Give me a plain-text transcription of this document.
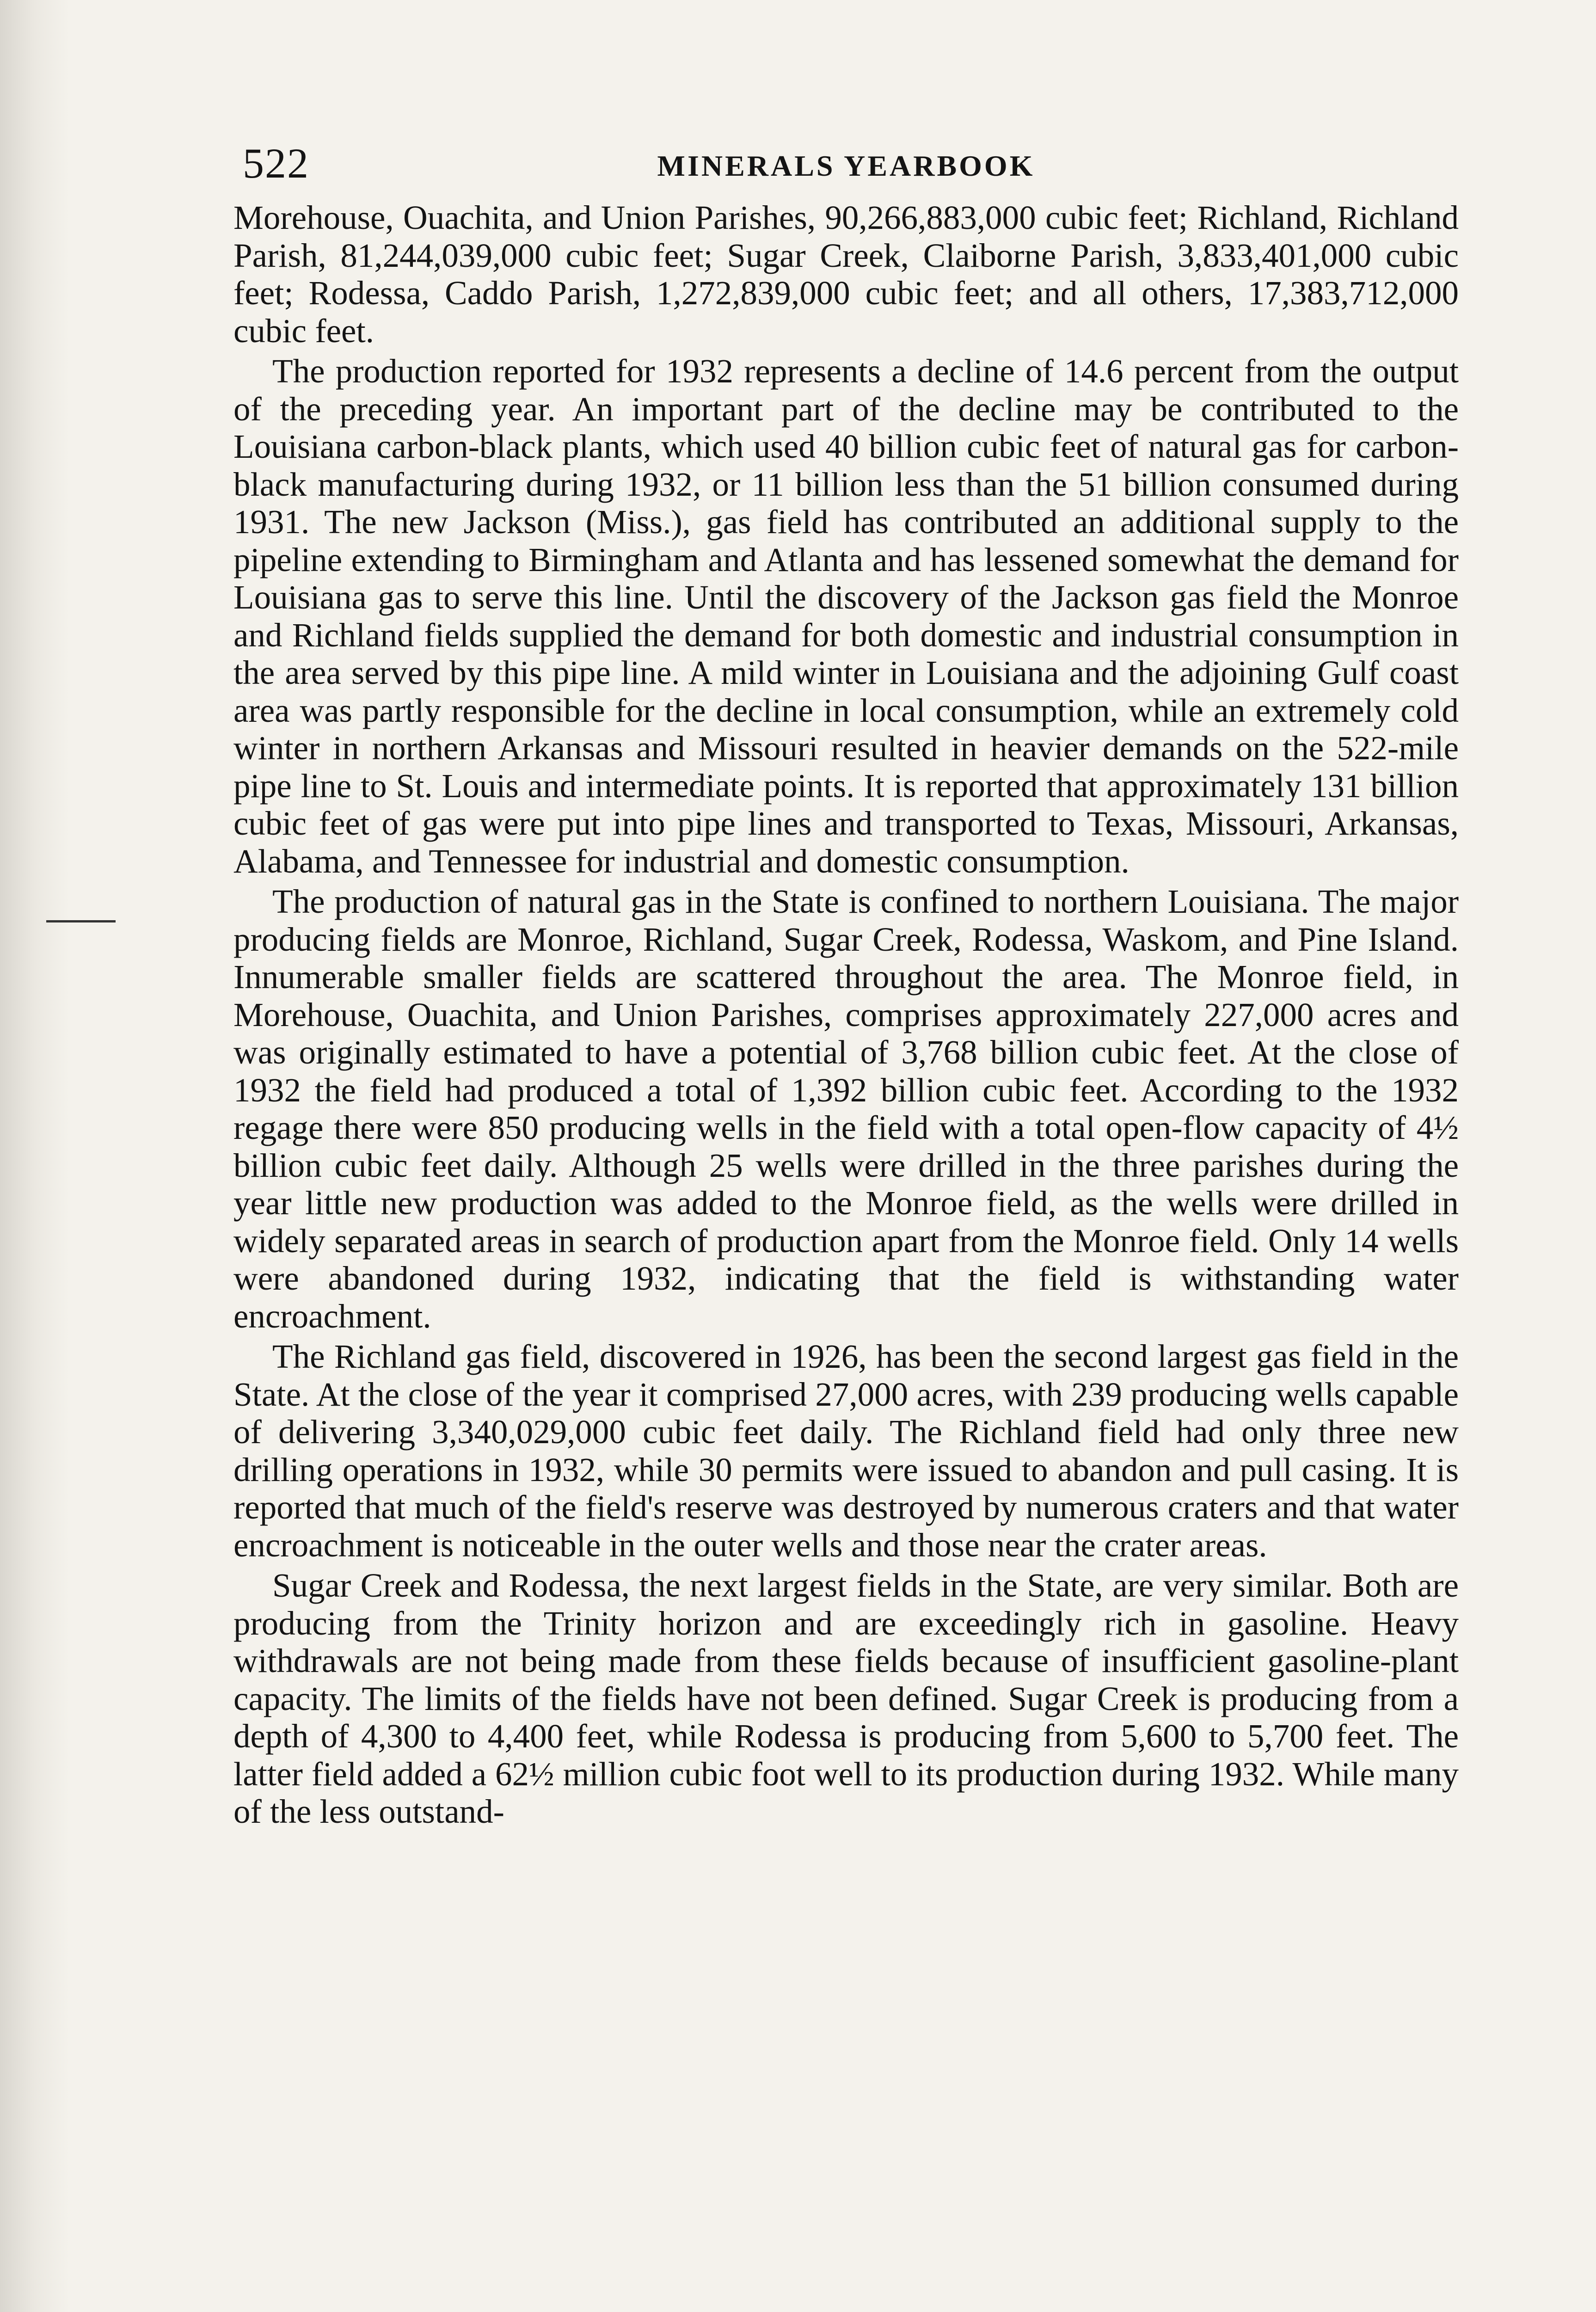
522	MINERALS YEARBOOK

Morehouse, Ouachita, and Union Parishes, 90,266,883,000 cubic feet; Richland, Richland Parish, 81,244,039,000 cubic feet; Sugar Creek, Claiborne Parish, 3,833,401,000 cubic feet; Rodessa, Caddo Parish, 1,272,839,000 cubic feet; and all others, 17,383,712,000 cubic feet.

The production reported for 1932 represents a decline of 14.6 percent from the output of the preceding year. An important part of the decline may be contributed to the Louisiana carbon-black plants, which used 40 billion cubic feet of natural gas for carbon-black manufacturing during 1932, or 11 billion less than the 51 billion consumed during 1931. The new Jackson (Miss.), gas field has contributed an additional supply to the pipeline extending to Birmingham and Atlanta and has lessened somewhat the demand for Louisiana gas to serve this line. Until the discovery of the Jackson gas field the Monroe and Richland fields supplied the demand for both domestic and industrial consumption in the area served by this pipe line. A mild winter in Louisiana and the adjoining Gulf coast area was partly responsible for the decline in local consumption, while an extremely cold winter in northern Arkansas and Missouri resulted in heavier demands on the 522-mile pipe line to St. Louis and intermediate points. It is reported that approximately 131 billion cubic feet of gas were put into pipe lines and transported to Texas, Missouri, Arkansas, Alabama, and Tennessee for industrial and domestic consumption.

The production of natural gas in the State is confined to northern Louisiana. The major producing fields are Monroe, Richland, Sugar Creek, Rodessa, Waskom, and Pine Island. Innumerable smaller fields are scattered throughout the area. The Monroe field, in Morehouse, Ouachita, and Union Parishes, comprises approximately 227,000 acres and was originally estimated to have a potential of 3,768 billion cubic feet. At the close of 1932 the field had produced a total of 1,392 billion cubic feet. According to the 1932 regage there were 850 producing wells in the field with a total open-flow capacity of 4½ billion cubic feet daily. Although 25 wells were drilled in the three parishes during the year little new production was added to the Monroe field, as the wells were drilled in widely separated areas in search of production apart from the Monroe field. Only 14 wells were abandoned during 1932, indicating that the field is withstanding water encroachment.

The Richland gas field, discovered in 1926, has been the second largest gas field in the State. At the close of the year it comprised 27,000 acres, with 239 producing wells capable of delivering 3,340,029,000 cubic feet daily. The Richland field had only three new drilling operations in 1932, while 30 permits were issued to abandon and pull casing. It is reported that much of the field's reserve was destroyed by numerous craters and that water encroachment is noticeable in the outer wells and those near the crater areas.

Sugar Creek and Rodessa, the next largest fields in the State, are very similar. Both are producing from the Trinity horizon and are exceedingly rich in gasoline. Heavy withdrawals are not being made from these fields because of insufficient gasoline-plant capacity. The limits of the fields have not been defined. Sugar Creek is producing from a depth of 4,300 to 4,400 feet, while Rodessa is producing from 5,600 to 5,700 feet. The latter field added a 62½ million cubic foot well to its production during 1932. While many of the less outstand-
